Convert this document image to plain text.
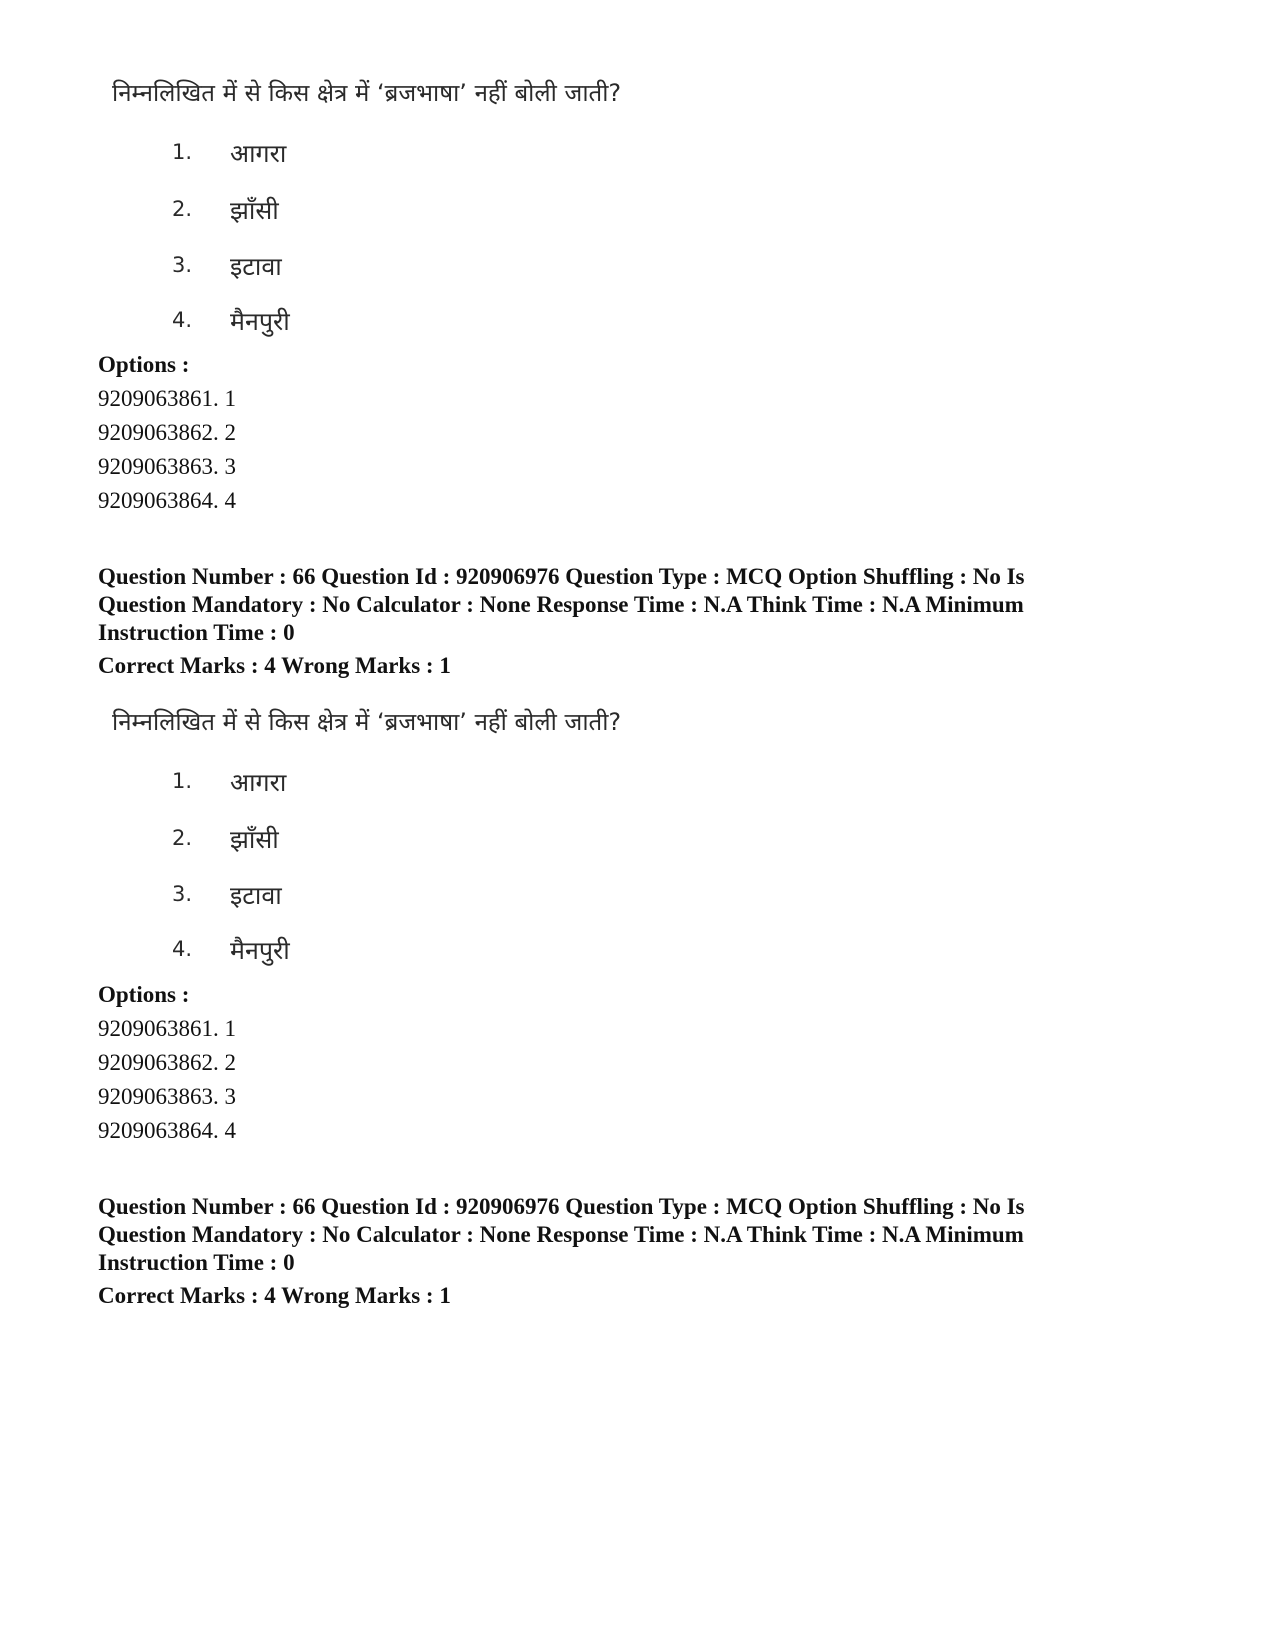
निम्नलिखित में से किस क्षेत्र में ‘ब्रजभाषा’ नहीं बोली जाती?
1. आगरा
2. झाँसी
3. इटावा
4. मैनपुरी
Options :
9209063861. 1
9209063862. 2
9209063863. 3
9209063864. 4
Question Number : 66 Question Id : 920906976 Question Type : MCQ Option Shuffling : No Is Question Mandatory : No Calculator : None Response Time : N.A Think Time : N.A Minimum Instruction Time : 0
Correct Marks : 4 Wrong Marks : 1
निम्नलिखित में से किस क्षेत्र में ‘ब्रजभाषा’ नहीं बोली जाती?
1. आगरा
2. झाँसी
3. इटावा
4. मैनपुरी
Options :
9209063861. 1
9209063862. 2
9209063863. 3
9209063864. 4
Question Number : 66 Question Id : 920906976 Question Type : MCQ Option Shuffling : No Is Question Mandatory : No Calculator : None Response Time : N.A Think Time : N.A Minimum Instruction Time : 0
Correct Marks : 4 Wrong Marks : 1
